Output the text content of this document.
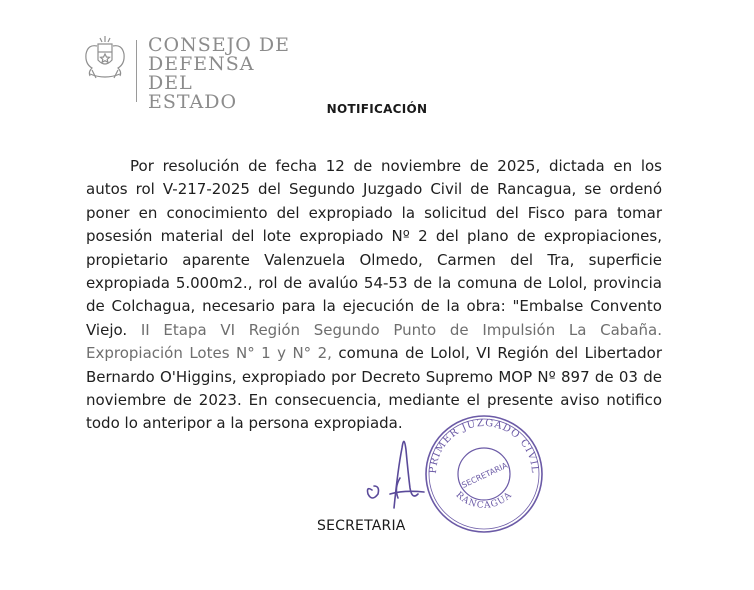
CONSEJO DE
DEFENSA DEL
ESTADO	NOTIFICACIÓN
Por resolución de fecha 12 de noviembre de 2025, dictada en los autos rol V-217-2025 del Segundo Juzgado Civil de Rancagua, se ordenó poner en conocimiento del expropiado la solicitud del Fisco para tomar posesión material del lote expropiado Nº 2 del plano de expropiaciones, propietario aparente Valenzuela Olmedo, Carmen del Tra, superficie expropiada 5.000m2., rol de avalúo 54-53 de la comuna de Lolol, provincia de Colchagua, necesario para la ejecución de la obra: "Embalse Convento Viejo. II Etapa VI Región Segundo Punto de Impulsión La Cabaña. Expropiación Lotes N° 1 y N° 2, comuna de Lolol, VI Región del Libertador Bernardo O'Higgins, expropiado por Decreto Supremo MOP Nº 897 de 03 de noviembre de 2023. En consecuencia, mediante el presente aviso notifico todo lo anteripor a la persona expropiada.
PRIMER JUZGADO CIVIL
RANCAGUA
SECRETARIA
SECRETARIA
